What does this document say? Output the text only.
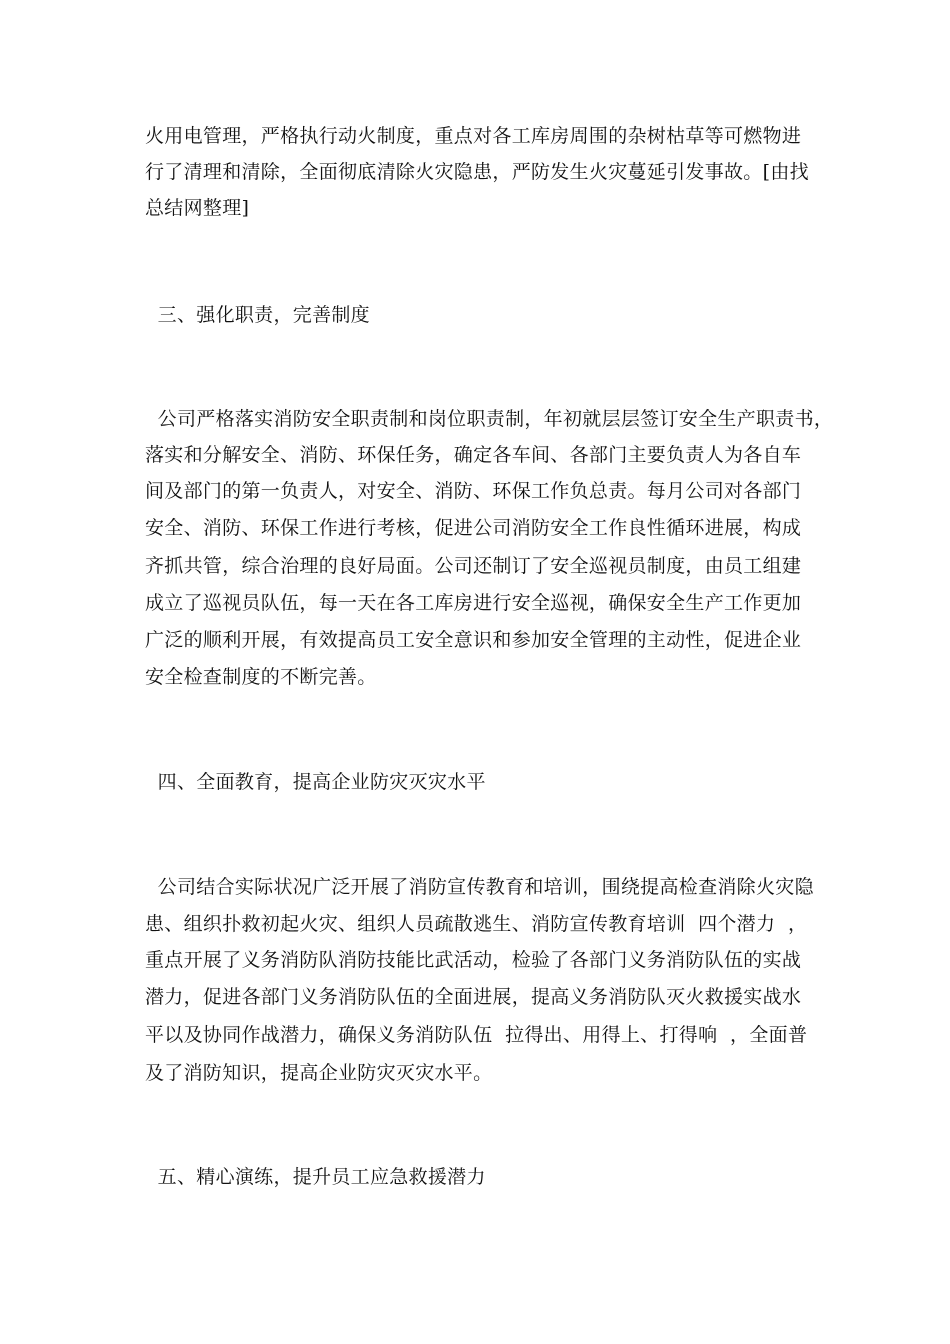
火用电管理，严格执行动火制度，重点对各工库房周围的杂树枯草等可燃物进
行了清理和清除，全面彻底清除火灾隐患，严防发生火灾蔓延引发事故。[由找
总结网整理]
三、强化职责，完善制度
公司严格落实消防安全职责制和岗位职责制，年初就层层签订安全生产职责书，
落实和分解安全、消防、环保任务，确定各车间、各部门主要负责人为各自车
间及部门的第一负责人，对安全、消防、环保工作负总责。每月公司对各部门
安全、消防、环保工作进行考核，促进公司消防安全工作良性循环进展，构成
齐抓共管，综合治理的良好局面。公司还制订了安全巡视员制度，由员工组建
成立了巡视员队伍，每一天在各工库房进行安全巡视，确保安全生产工作更加
广泛的顺利开展，有效提高员工安全意识和参加安全管理的主动性，促进企业
安全检查制度的不断完善。
四、全面教育，提高企业防灾灭灾水平
公司结合实际状况广泛开展了消防宣传教育和培训，围绕提高检查消除火灾隐
患、组织扑救初起火灾、组织人员疏散逃生、消防宣传教育培训  四个潜力  ，
重点开展了义务消防队消防技能比武活动，检验了各部门义务消防队伍的实战
潜力，促进各部门义务消防队伍的全面进展，提高义务消防队灭火救援实战水
平以及协同作战潜力，确保义务消防队伍  拉得出、用得上、打得响  ，全面普
及了消防知识，提高企业防灾灭灾水平。
五、精心演练，提升员工应急救援潜力
